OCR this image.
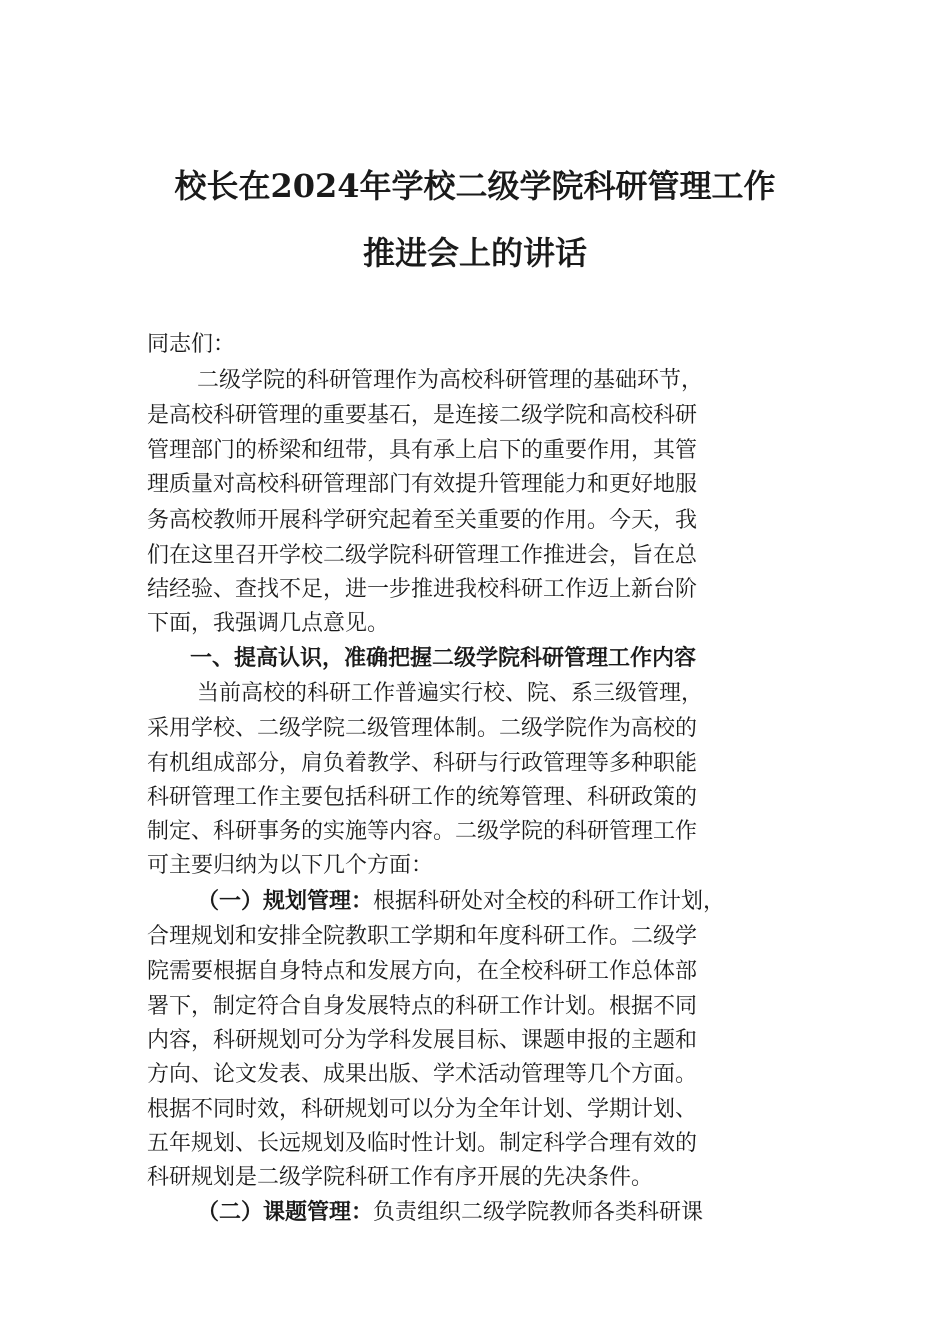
校长在2024年学校二级学院科研管理工作
推进会上的讲话

同志们：

二级学院的科研管理作为高校科研管理的基础环节，

是高校科研管理的重要基石，是连接二级学院和高校科研

管理部门的桥梁和纽带，具有承上启下的重要作用，其管

理质量对高校科研管理部门有效提升管理能力和更好地服

务高校教师开展科学研究起着至关重要的作用。今天，我

们在这里召开学校二级学院科研管理工作推进会，旨在总

结经验、查找不足，进一步推进我校科研工作迈上新台阶

下面，我强调几点意见。

一、提高认识，准确把握二级学院科研管理工作内容

当前高校的科研工作普遍实行校、院、系三级管理，

采用学校、二级学院二级管理体制。二级学院作为高校的

有机组成部分，肩负着教学、科研与行政管理等多种职能

科研管理工作主要包括科研工作的统筹管理、科研政策的

制定、科研事务的实施等内容。二级学院的科研管理工作

可主要归纳为以下几个方面：

（一）规划管理：根据科研处对全校的科研工作计划，

合理规划和安排全院教职工学期和年度科研工作。二级学

院需要根据自身特点和发展方向，在全校科研工作总体部

署下，制定符合自身发展特点的科研工作计划。根据不同

内容，科研规划可分为学科发展目标、课题申报的主题和

方向、论文发表、成果出版、学术活动管理等几个方面。

根据不同时效，科研规划可以分为全年计划、学期计划、

五年规划、长远规划及临时性计划。制定科学合理有效的

科研规划是二级学院科研工作有序开展的先决条件。

（二）课题管理：负责组织二级学院教师各类科研课
